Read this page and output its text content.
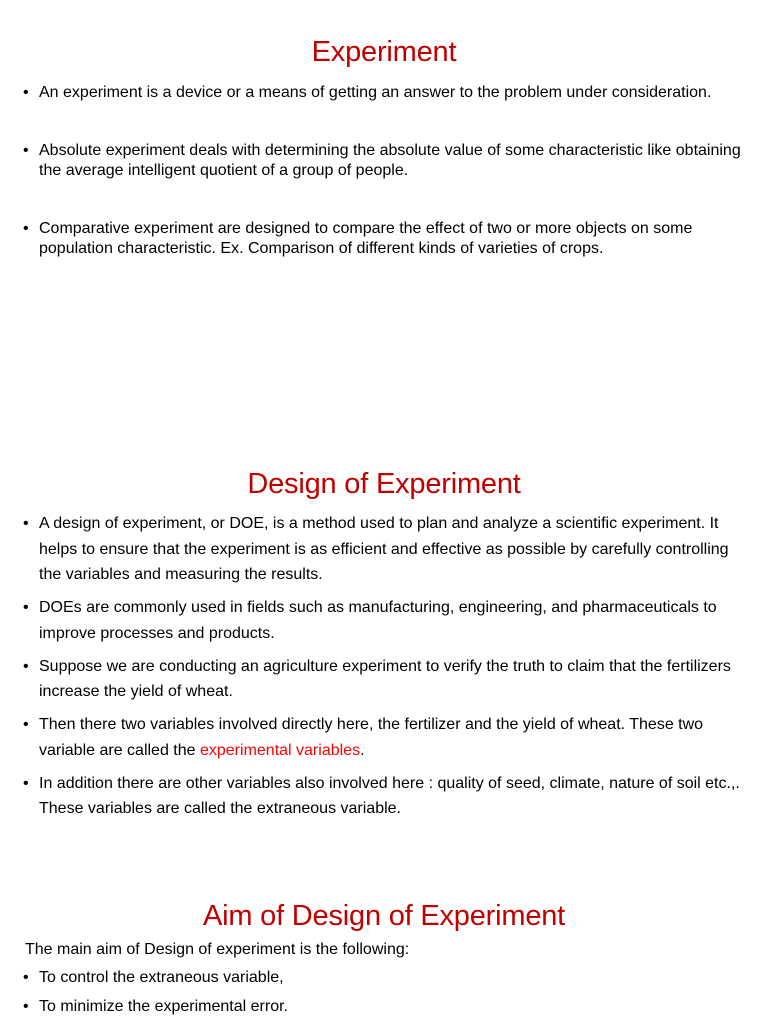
Experiment
• An experiment is a device or a means of getting an answer to the problem under consideration.
• Absolute experiment deals with determining the absolute value of some characteristic like obtaining the average intelligent quotient of a group of people.
• Comparative experiment are designed to compare the effect of two or more objects on some population characteristic. Ex. Comparison of different kinds of varieties of crops.
Design of Experiment
• A design of experiment, or DOE, is a method used to plan and analyze a scientific experiment. It helps to ensure that the experiment is as efficient and effective as possible by carefully controlling the variables and measuring the results.
• DOEs are commonly used in fields such as manufacturing, engineering, and pharmaceuticals to improve processes and products.
• Suppose we are conducting an agriculture experiment to verify the truth to claim that the fertilizers increase the yield of wheat.
• Then there two variables involved directly here, the fertilizer and the yield of wheat. These two variable are called the experimental variables.
• In addition there are other variables also involved here : quality of seed, climate, nature of soil etc.,. These variables are called the extraneous variable.
Aim of Design of Experiment

The main aim of Design of experiment is the following:

• To control the extraneous variable,
• To minimize the experimental error.
